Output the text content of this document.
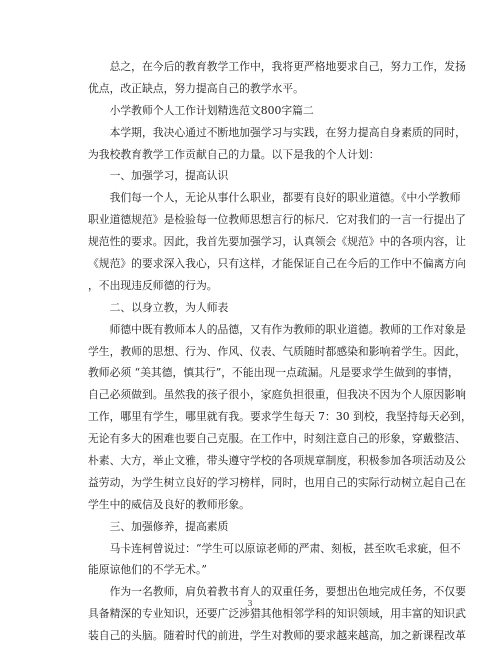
总之，在今后的教育教学工作中，我将更严格地要求自己，努力工作，发扬
优点，改正缺点，努力提高自己的教学水平。
小学教师个人工作计划精选范文800字篇二
本学期，我决心通过不断地加强学习与实践，在努力提高自身素质的同时，
为我校教育教学工作贡献自己的力量。以下是我的个人计划：
一、加强学习，提高认识
我们每一个人，无论从事什么职业，都要有良好的职业道德。《中小学教师
职业道德规范》是检验每一位教师思想言行的标尺．它对我们的一言一行提出了
规范性的要求。因此，我首先要加强学习，认真领会《规范》中的各项内容，让
《规范》的要求深入我心，只有这样，才能保证自己在今后的工作中不偏离方向
，不出现违反师德的行为。
二、以身立教，为人师表
师德中既有教师本人的品德，又有作为教师的职业道德。教师的工作对象是
学生，教师的思想、行为、作风、仪表、气质随时都感染和影响着学生。因此，
教师必须 “美其德，慎其行”，不能出现一点疏漏。凡是要求学生做到的事情，
自己必须做到。虽然我的孩子很小，家庭负担很重，但我决不因为个人原因影响
工作，哪里有学生，哪里就有我。要求学生每天 7：30 到校，我坚持每天必到，
无论有多大的困难也要自己克服。在工作中，时刻注意自己的形象，穿戴整洁、
朴素、大方，举止文雅，带头遵守学校的各项规章制度，积极参加各项活动及公
益劳动，为学生树立良好的学习榜样，同时，也用自己的实际行动树立起自己在
学生中的威信及良好的教师形象。
三、加强修养，提高素质
马卡连柯曾说过：“学生可以原谅老师的严肃、刻板，甚至吹毛求疵，但不
能原谅他们的不学无术。”
作为一名教师，肩负着教书育人的双重任务，要想出色地完成任务，不仅要
具备精深的专业知识，还要广泛涉猎其他相邻学科的知识领域，用丰富的知识武
装自己的头脑。随着时代的前进，学生对教师的要求越来越高，加之新课程改革
3
